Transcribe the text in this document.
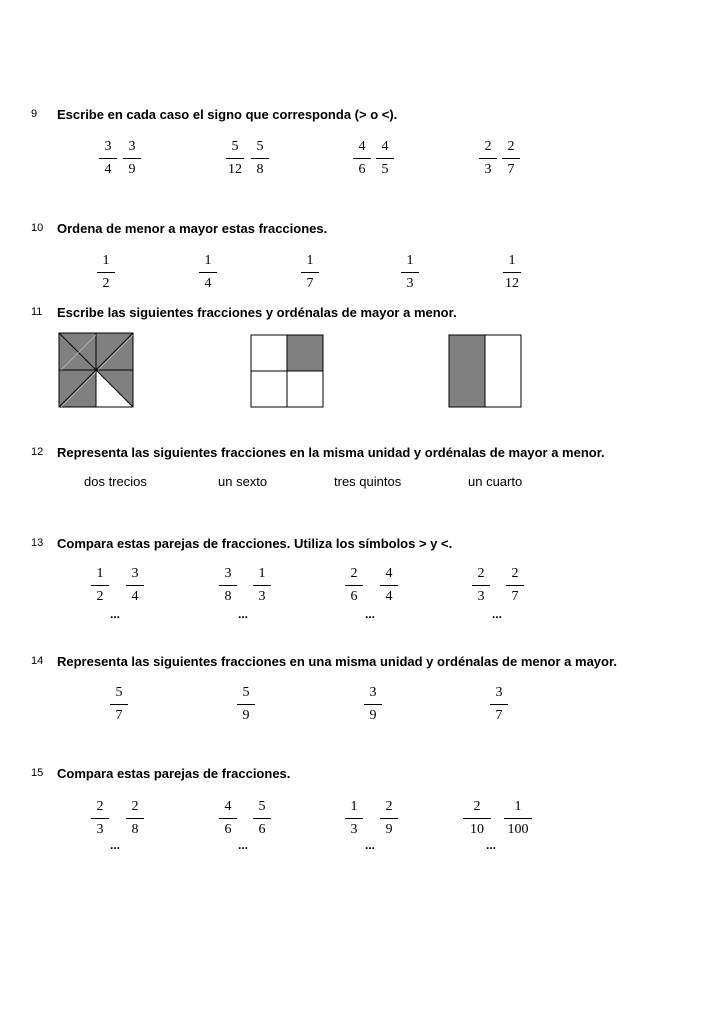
9 Escribe en cada caso el signo que corresponda (> o <).
3
4
3
9
5
12
5
8
4
6
4
5
2
3
2
7
10 Ordena de menor a mayor estas fracciones.
1
2
1
4
1
7
1
3
1
12
11 Escribe las siguientes fracciones y ordénalas de mayor a menor.
12 Representa las siguientes fracciones en la misma unidad y ordénalas de mayor a menor.
dos trecios	un sexto	tres quintos	un cuarto
13 Compara estas parejas de fracciones. Utiliza los símbolos > y <.
1
2
3
4
...
3
8
1
3
...
2
6
4
4
...
2
3
2
7
...
14 Representa las siguientes fracciones en una misma unidad y ordénalas de menor a mayor.
5
7
5
9
3
9
3
7
15 Compara estas parejas de fracciones.
2
3
2
8
...
4
6
5
6
...
1
3
2
9
...
2
10
1
100
...
